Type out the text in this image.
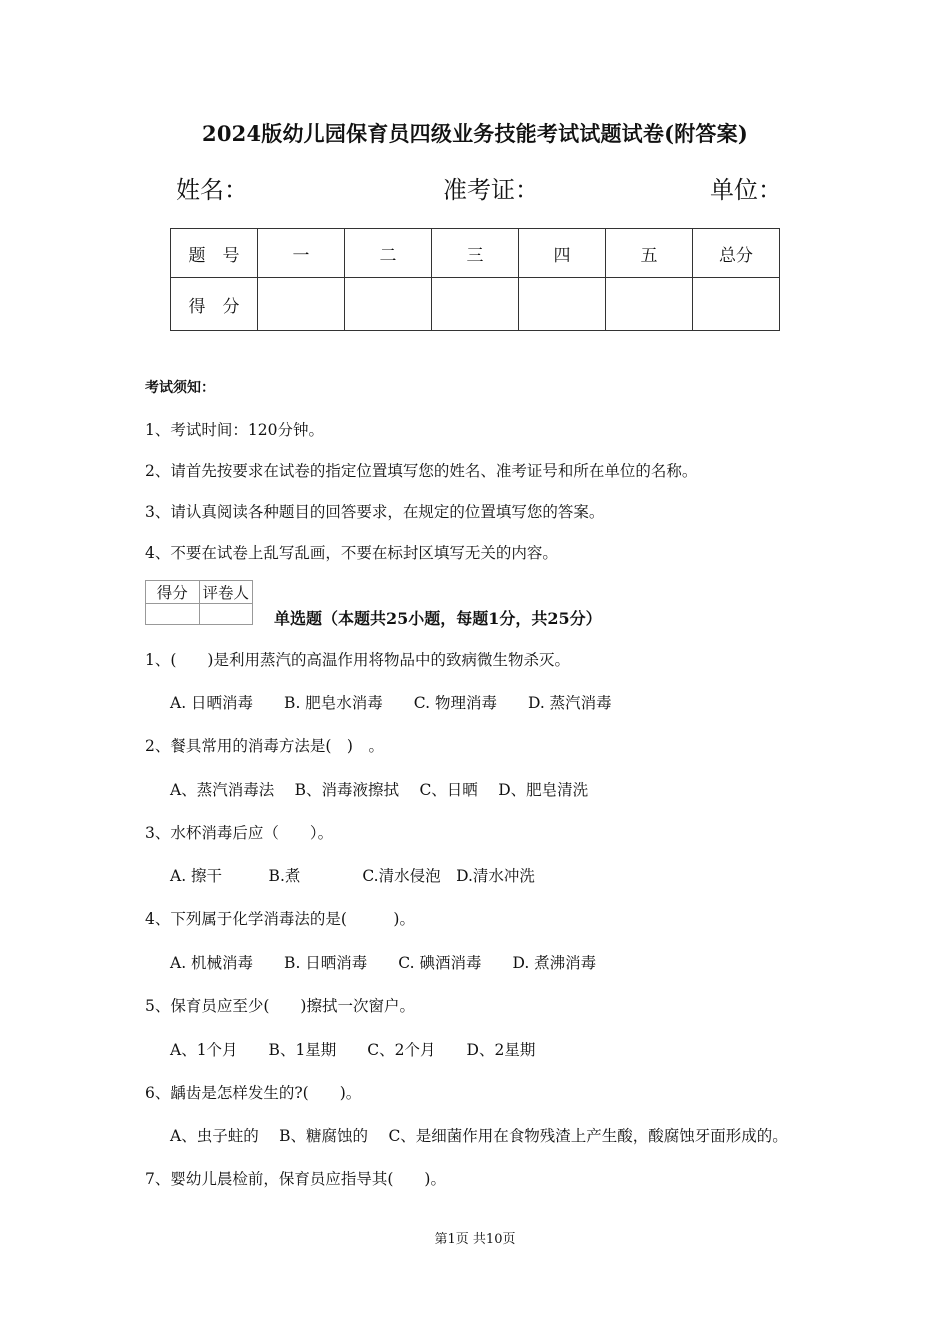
2024版幼儿园保育员四级业务技能考试试题试卷(附答案)
姓名：	准考证：	单位：
题　号	一	二	三	四	五	总分
得　分						
考试须知：
1、考试时间：120分钟。
2、请首先按要求在试卷的指定位置填写您的姓名、准考证号和所在单位的名称。
3、请认真阅读各种题目的回答要求，在规定的位置填写您的答案。
4、不要在试卷上乱写乱画，不要在标封区填写无关的内容。
得分	评卷人

单选题（本题共25小题，每题1分，共25分）
1、(　　)是利用蒸汽的高温作用将物品中的致病微生物杀灭。
A. 日晒消毒　　B. 肥皂水消毒　　C. 物理消毒　　D. 蒸汽消毒
2、餐具常用的消毒方法是(　)　。
A、蒸汽消毒法　 B、消毒液擦拭　 C、日晒　 D、肥皂清洗
3、水杯消毒后应（　　）。
A. 擦干　　　B.煮　　　　C.清水侵泡　D.清水冲洗
4、下列属于化学消毒法的是(　　　)。
A. 机械消毒　　B. 日晒消毒　　C. 碘酒消毒　　D. 煮沸消毒
5、保育员应至少(　　)擦拭一次窗户。
A、1个月　　B、1星期　　C、2个月　　D、2星期
6、龋齿是怎样发生的?(　　)。
A、虫子蛀的　 B、糖腐蚀的　 C、是细菌作用在食物残渣上产生酸，酸腐蚀牙面形成的。
7、婴幼儿晨检前，保育员应指导其(　　)。
第1页 共10页
